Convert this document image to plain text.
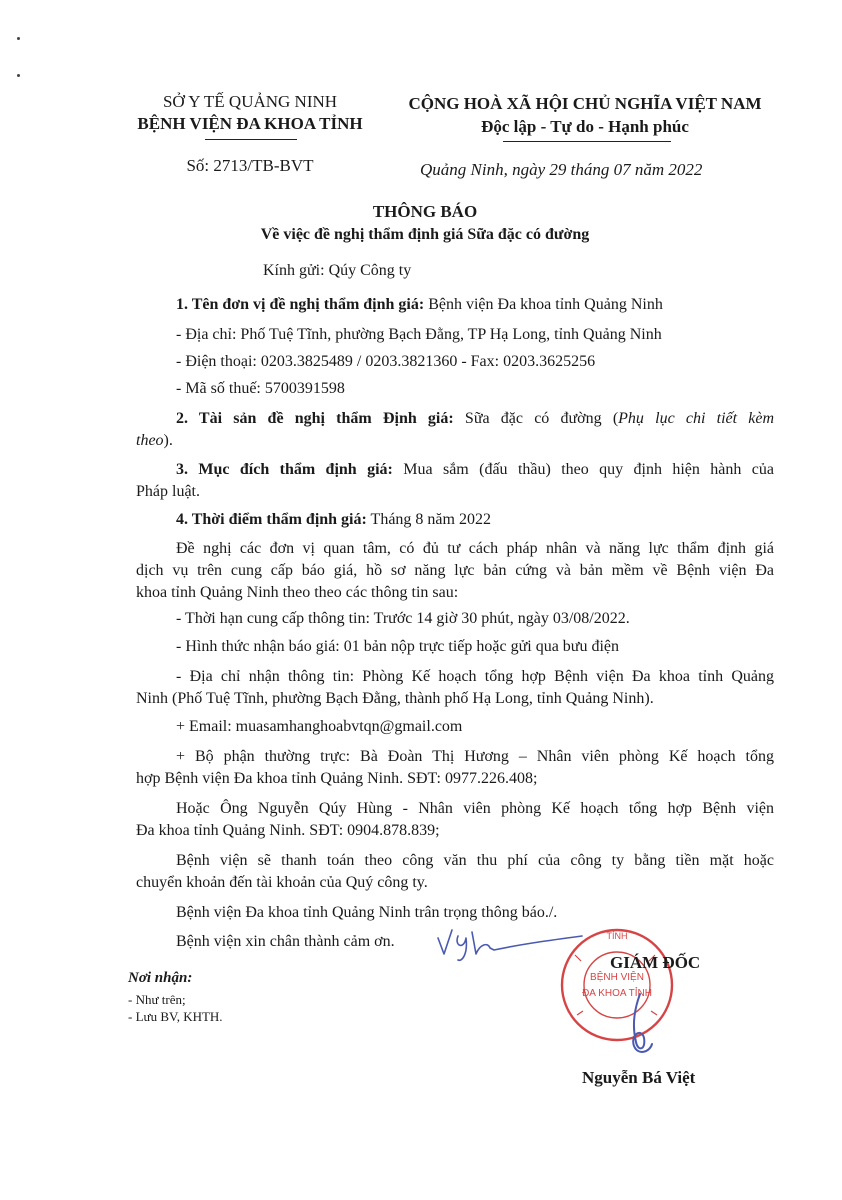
SỞ Y TẾ QUẢNG NINH
BỆNH VIỆN ĐA KHOA TỈNH
Số: 2713/TB-BVT
CỘNG HOÀ XÃ HỘI CHỦ NGHĨA VIỆT NAM
Độc lập - Tự do - Hạnh phúc
Quảng Ninh, ngày 29 tháng 07 năm 2022
THÔNG BÁO
Về việc đề nghị thẩm định giá Sữa đặc có đường
Kính gửi: Qúy Công ty
1. Tên đơn vị đề nghị thẩm định giá: Bệnh viện Đa khoa tỉnh Quảng Ninh
- Địa chỉ: Phố Tuệ Tĩnh, phường Bạch Đằng, TP Hạ Long, tỉnh Quảng Ninh
- Điện thoại: 0203.3825489 / 0203.3821360 - Fax: 0203.3625256
- Mã số thuế: 5700391598
2. Tài sản đề nghị thẩm Định giá: Sữa đặc có đường (Phụ lục chi tiết kèm
theo).
3. Mục đích thẩm định giá: Mua sắm (đấu thầu) theo quy định hiện hành của
Pháp luật.
4. Thời điểm thẩm định giá: Tháng 8 năm 2022
Đề nghị các đơn vị quan tâm, có đủ tư cách pháp nhân và năng lực thẩm định giá
dịch vụ trên cung cấp báo giá, hồ sơ năng lực bản cứng và bản mềm về Bệnh viện Đa
khoa tỉnh Quảng Ninh theo theo các thông tin sau:
- Thời hạn cung cấp thông tin: Trước 14 giờ 30 phút, ngày 03/08/2022.
- Hình thức nhận báo giá: 01 bản nộp trực tiếp hoặc gửi qua bưu điện
- Địa chỉ nhận thông tin: Phòng Kế hoạch tổng hợp Bệnh viện Đa khoa tỉnh Quảng
Ninh (Phố Tuệ Tĩnh, phường Bạch Đằng, thành phố Hạ Long, tỉnh Quảng Ninh).
+ Email: muasamhanghoabvtqn@gmail.com
+ Bộ phận thường trực: Bà Đoàn Thị Hương – Nhân viên phòng Kế hoạch tổng
hợp Bệnh viện Đa khoa tỉnh Quảng Ninh. SĐT: 0977.226.408;
Hoặc Ông Nguyễn Qúy Hùng - Nhân viên phòng Kế hoạch tổng hợp Bệnh viện
Đa khoa tỉnh Quảng Ninh. SĐT: 0904.878.839;
Bệnh viện sẽ thanh toán theo công văn thu phí của công ty bằng tiền mặt hoặc
chuyển khoản đến tài khoản của Quý công ty.
Bệnh viện Đa khoa tỉnh Quảng Ninh trân trọng thông báo./.
Bệnh viện xin chân thành cảm ơn.
Nơi nhận:
- Như trên;
- Lưu BV, KHTH.
TỈNH
BỆNH VIỆN
ĐA KHOA TỈNH
GIÁM ĐỐC
Nguyễn Bá Việt
